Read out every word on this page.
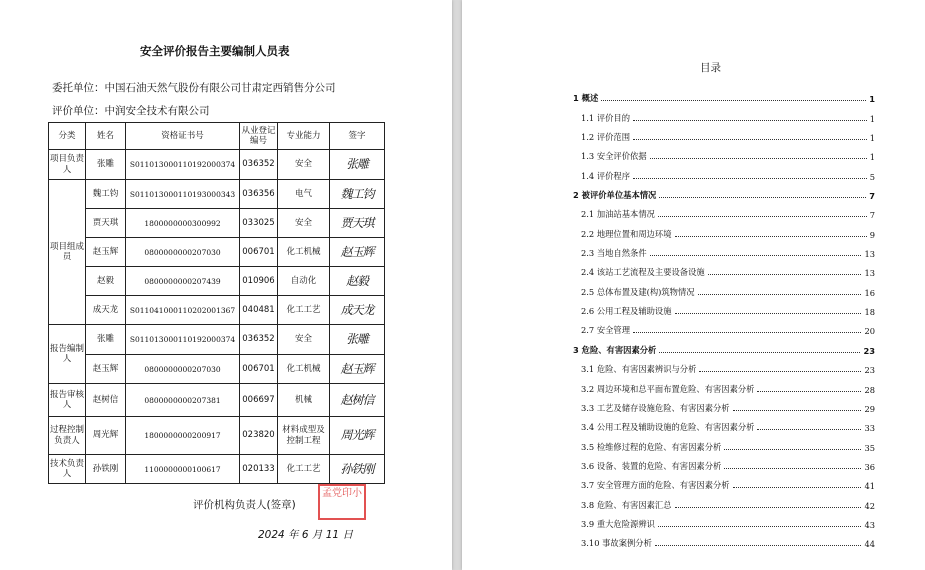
安全评价报告主要编制人员表
委托单位：中国石油天然气股份有限公司甘肃定西销售分公司
评价单位：中润安全技术有限公司
分类	姓名	资格证书号	从业登记编号	专业能力	签字
项目负责人	张雕	S011013000110192000374	036352	安全	张雕
项目组成员	魏工钧	S011013000110193000343	036356	电气	魏工钧
	贾天琪	1800000000300992	033025	安全	贾天琪
	赵玉辉	0800000000207030	006701	化工机械	赵玉辉
	赵毅	0800000000207439	010906	自动化	赵毅
	成天龙	S011041000110202001367	040481	化工工艺	成天龙
报告编制人	张雕	S011013000110192000374	036352	安全	张雕
	赵玉辉	0800000000207030	006701	化工机械	赵玉辉
报告审核人	赵树信	0800000000207381	006697	机械	赵树信
过程控制负责人	周光辉	1800000000200917	023820	材料成型及控制工程	周光辉
技术负责人	孙铁刚	1100000000100617	020133	化工工艺	孙铁刚
评价机构负责人(签章)
孟党印小
2024 年 6 月 11 日
目录
1 概述	1
1.1 评价目的	1
1.2 评价范围	1
1.3 安全评价依据	1
1.4 评价程序	5
2 被评价单位基本情况	7
2.1 加油站基本情况	7
2.2 地理位置和周边环境	9
2.3 当地自然条件	13
2.4 该站工艺流程及主要设备设施	13
2.5 总体布置及建(构)筑物情况	16
2.6 公用工程及辅助设施	18
2.7 安全管理	20
3 危险、有害因素分析	23
3.1 危险、有害因素辨识与分析	23
3.2 周边环境和总平面布置危险、有害因素分析	28
3.3 工艺及储存设施危险、有害因素分析	29
3.4 公用工程及辅助设施的危险、有害因素分析	33
3.5 检维修过程的危险、有害因素分析	35
3.6 设备、装置的危险、有害因素分析	36
3.7 安全管理方面的危险、有害因素分析	41
3.8 危险、有害因素汇总	42
3.9 重大危险源辨识	43
3.10 事故案例分析	44
